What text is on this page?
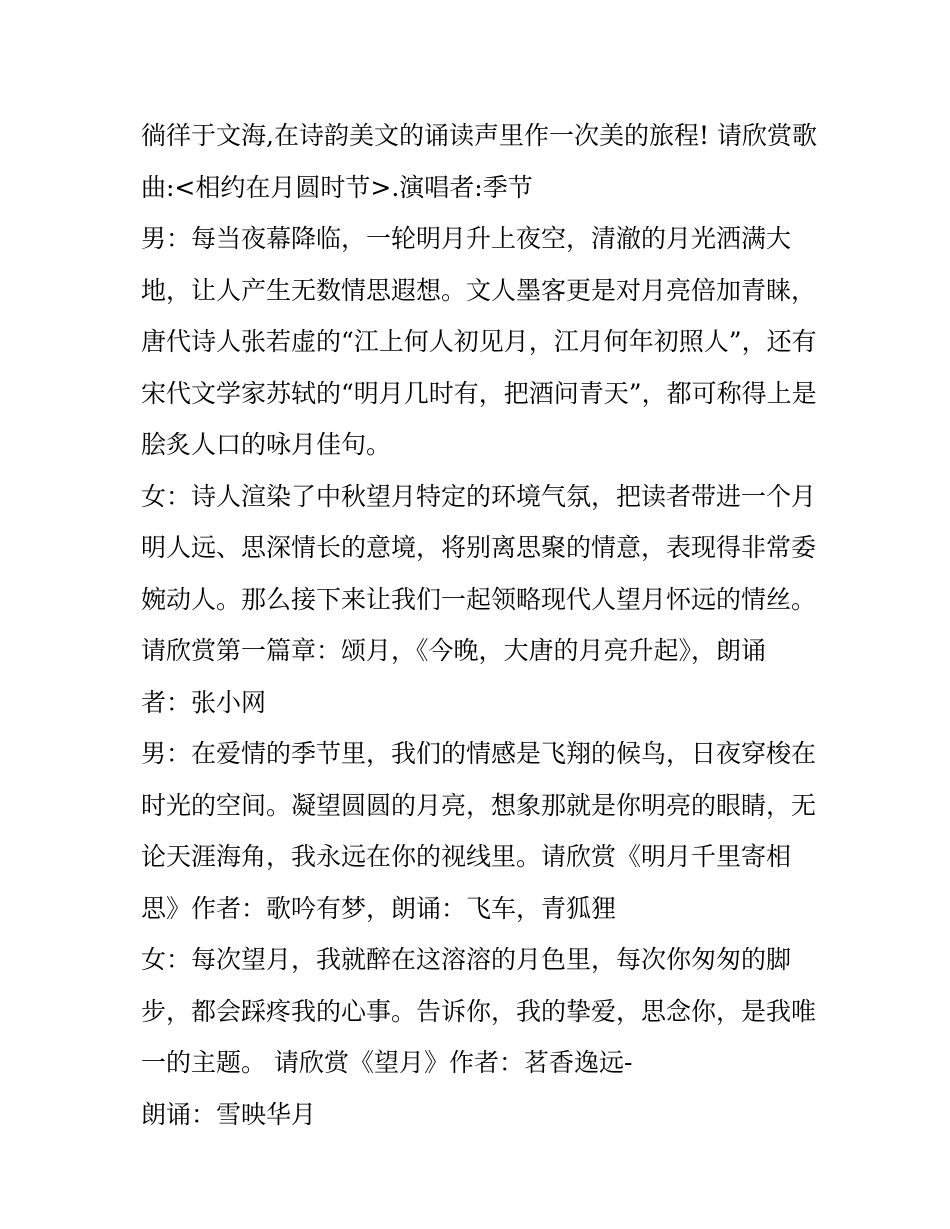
徜徉于文海,在诗韵美文的诵读声里作一次美的旅程! 请欣赏歌
曲:<相约在月圆时节>.演唱者:季节
男：每当夜幕降临，一轮明月升上夜空，清澈的月光洒满大
地，让人产生无数情思遐想。文人墨客更是对月亮倍加青睐，
唐代诗人张若虚的“江上何人初见月，江月何年初照人”，还有
宋代文学家苏轼的“明月几时有，把酒问青天”，都可称得上是
脍炙人口的咏月佳句。
女：诗人渲染了中秋望月特定的环境气氛，把读者带进一个月
明人远、思深情长的意境，将别离思聚的情意，表现得非常委
婉动人。那么接下来让我们一起领略现代人望月怀远的情丝。
请欣赏第一篇章：颂月，《今晚，大唐的月亮升起》，朗诵
者：张小网
男：在爱情的季节里，我们的情感是飞翔的候鸟，日夜穿梭在
时光的空间。凝望圆圆的月亮，想象那就是你明亮的眼睛，无
论天涯海角，我永远在你的视线里。请欣赏《明月千里寄相
思》作者：歌吟有梦，朗诵：飞车，青狐狸
女：每次望月，我就醉在这溶溶的月色里，每次你匆匆的脚
步，都会踩疼我的心事。告诉你，我的挚爱，思念你，是我唯
一的主题。 请欣赏《望月》作者：茗香逸远-
朗诵：雪映华月
